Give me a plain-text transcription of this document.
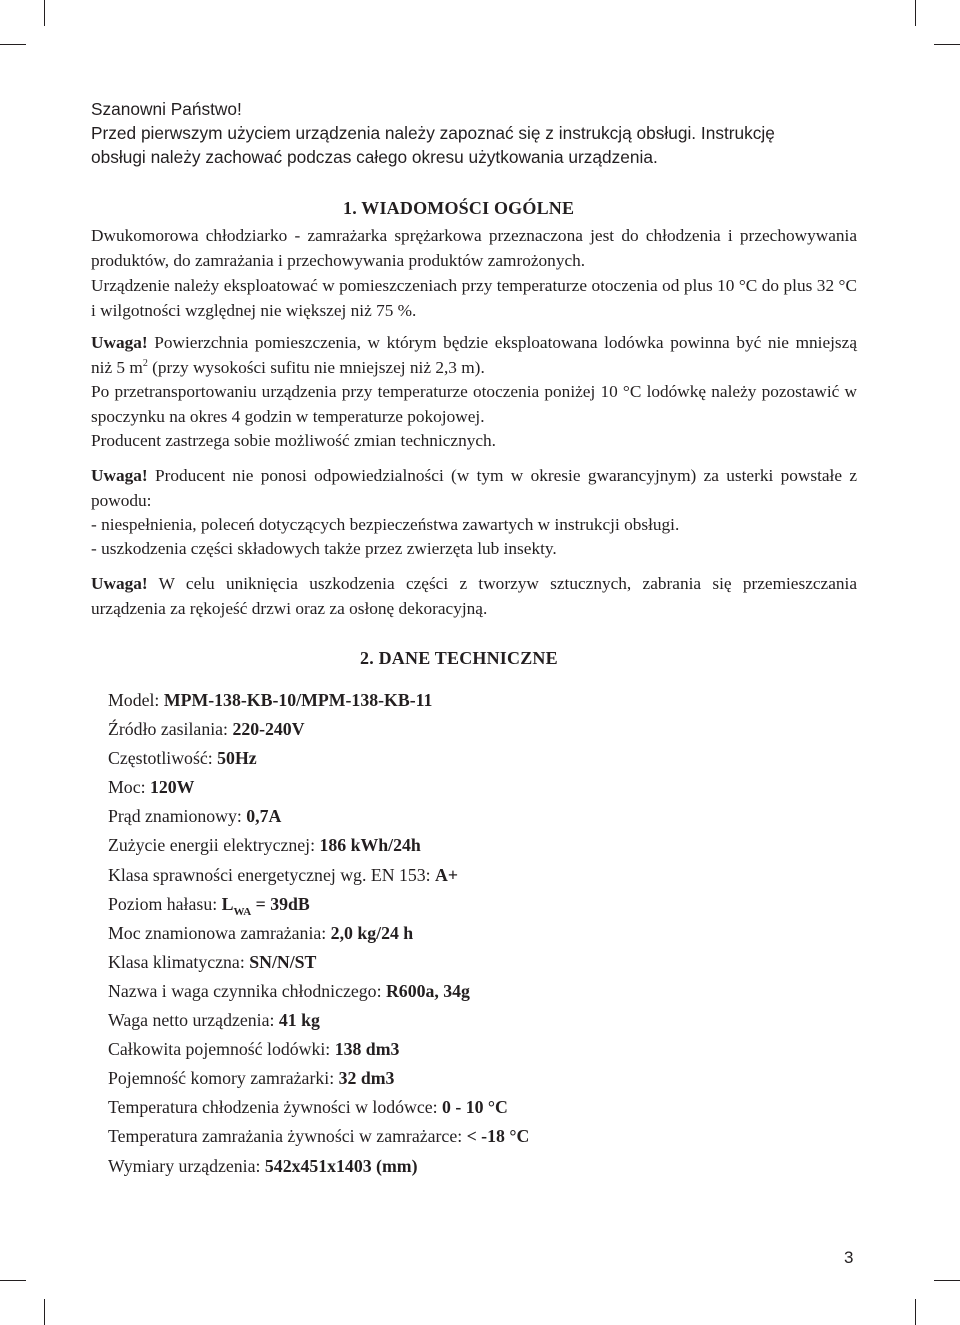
Szanowni Państwo!

Przed pierwszym użyciem urządzenia należy zapoznać się z instrukcją obsługi. Instrukcję

obsługi należy zachować podczas całego okresu użytkowania urządzenia.

1. WIADOMOŚCI OGÓLNE

Dwukomorowa chłodziarko - zamrażarka sprężarkowa przeznaczona jest do chłodzenia i przechowywania produktów, do zamrażania i przechowywania produktów zamrożonych.

Urządzenie należy eksploatować w pomieszczeniach przy temperaturze otoczenia od plus 10 °C do plus 32 °C i wilgotności względnej nie większej niż 75 %.

Uwaga! Powierzchnia pomieszczenia, w którym będzie eksploatowana lodówka powinna być nie mniejszą niż 5 $m^2$ (przy wysokości sufitu nie mniejszej niż 2,3 m).

Po przetransportowaniu urządzenia przy temperaturze otoczenia poniżej 10 °C lodówkę należy pozostawić w spoczynku na okres 4 godzin w temperaturze pokojowej.

Producent zastrzega sobie możliwość zmian technicznych.

Uwaga! Producent nie ponosi odpowiedzialności (w tym w okresie gwarancyjnym) za usterki powstałe z powodu:

- niespełnienia, poleceń dotyczących bezpieczeństwa zawartych w instrukcji obsługi.

- uszkodzenia części składowych także przez zwierzęta lub insekty.

Uwaga! W celu uniknięcia uszkodzenia części z tworzyw sztucznych, zabrania się przemieszczania urządzenia za rękojeść drzwi oraz za osłonę dekoracyjną.

2. DANE TECHNICZNE
Model: MPM-138-KB-10/MPM-138-KB-11
Źródło zasilania: 220-240V
Częstotliwość: 50Hz
Moc: 120W
Prąd znamionowy: 0,7A
Zużycie energii elektrycznej: 186 kWh/24h
Klasa sprawności energetycznej wg. EN 153: A+
Poziom hałasu: $L_{WA} = 39dB$
Moc znamionowa zamrażania: 2,0 kg/24 h
Klasa klimatyczna: SN/N/ST
Nazwa i waga czynnika chłodniczego: R600a, 34g
Waga netto urządzenia: 41 kg
Całkowita pojemność lodówki: 138 dm3
Pojemność komory zamrażarki: 32 dm3
Temperatura chłodzenia żywności w lodówce: 0 - 10 °C
Temperatura zamrażania żywności w zamrażarce: < -18 °C
Wymiary urządzenia: 542x451x1403 (mm)
3
